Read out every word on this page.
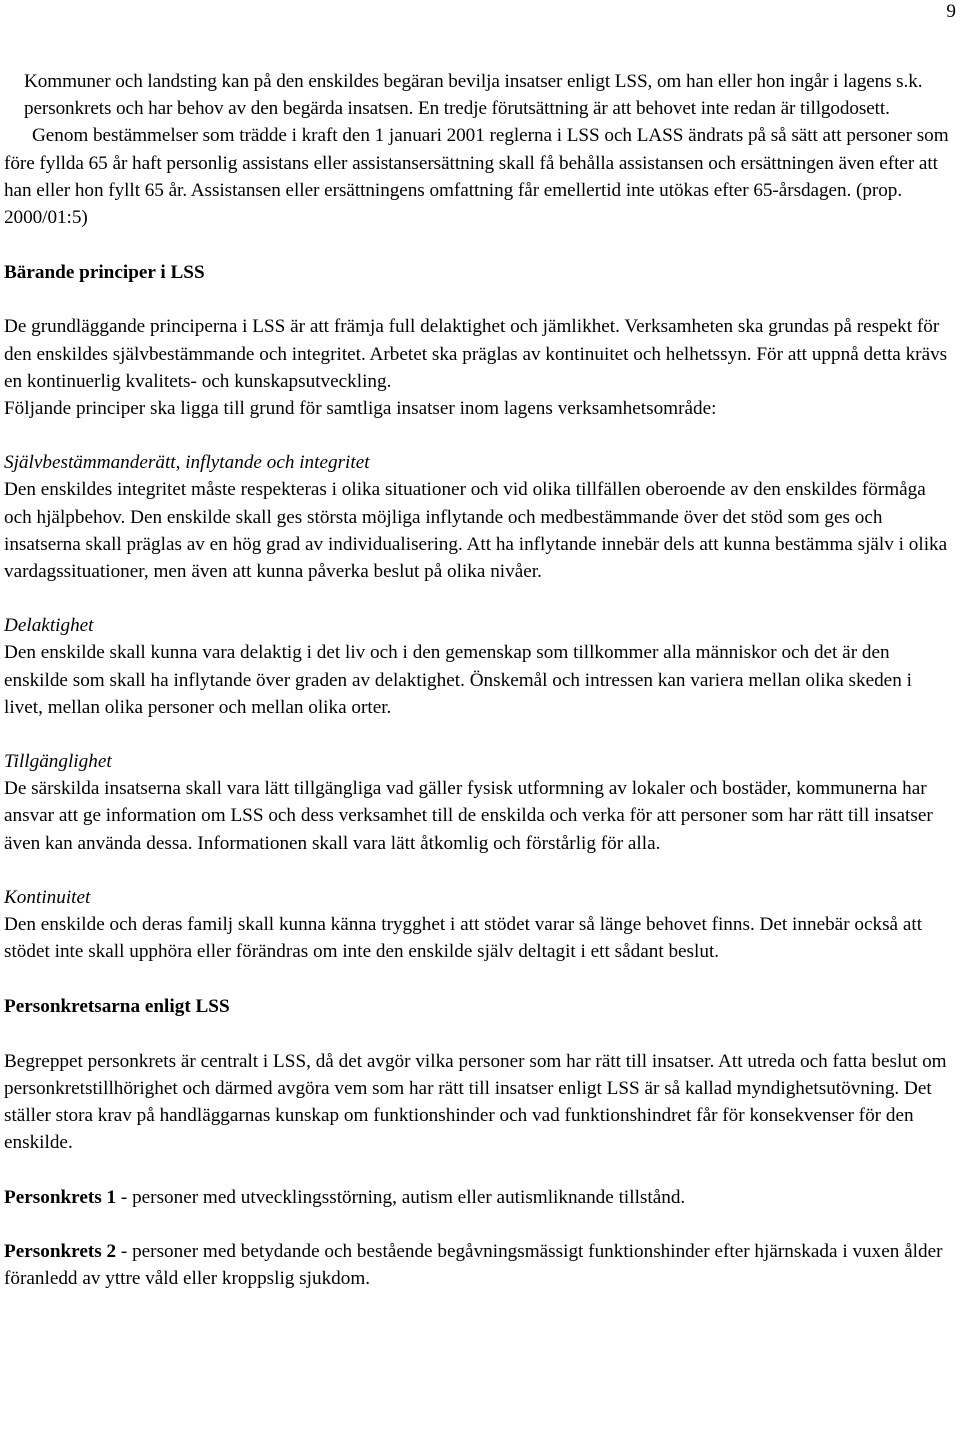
9

Kommuner och landsting kan på den enskildes begäran bevilja insatser enligt LSS, om han eller hon ingår i lagens s.k. personkrets och har behov av den begärda insatsen. En tredje förutsättning är att behovet inte redan är tillgodosett.

Genom bestämmelser som trädde i kraft den 1 januari 2001 reglerna i LSS och LASS ändrats på så sätt att personer som före fyllda 65 år haft personlig assistans eller assistansersättning skall få behålla assistansen och ersättningen även efter att han eller hon fyllt 65 år. Assistansen eller ersättningens omfattning får emellertid inte utökas efter 65-årsdagen. (prop. 2000/01:5)

Bärande principer i LSS

De grundläggande principerna i LSS är att främja full delaktighet och jämlikhet. Verksamheten ska grundas på respekt för den enskildes självbestämmande och integritet. Arbetet ska präglas av kontinuitet och helhetssyn. För att uppnå detta krävs en kontinuerlig kvalitets- och kunskapsutveckling.

Följande principer ska ligga till grund för samtliga insatser inom lagens verksamhetsområde:

Självbestämmanderätt, inflytande och integritet

Den enskildes integritet måste respekteras i olika situationer och vid olika tillfällen oberoende av den enskildes förmåga och hjälpbehov. Den enskilde skall ges största möjliga inflytande och medbestämmande över det stöd som ges och insatserna skall präglas av en hög grad av individualisering. Att ha inflytande innebär dels att kunna bestämma själv i olika vardagssituationer, men även att kunna påverka beslut på olika nivåer.

Delaktighet

Den enskilde skall kunna vara delaktig i det liv och i den gemenskap som tillkommer alla människor och det är den enskilde som skall ha inflytande över graden av delaktighet. Önskemål och intressen kan variera mellan olika skeden i livet, mellan olika personer och mellan olika orter.

Tillgänglighet

De särskilda insatserna skall vara lätt tillgängliga vad gäller fysisk utformning av lokaler och bostäder, kommunerna har ansvar att ge information om LSS och dess verksamhet till de enskilda och verka för att personer som har rätt till insatser även kan använda dessa. Informationen skall vara lätt åtkomlig och förstårlig för alla.

Kontinuitet

Den enskilde och deras familj skall kunna känna trygghet i att stödet varar så länge behovet finns. Det innebär också att stödet inte skall upphöra eller förändras om inte den enskilde själv deltagit i ett sådant beslut.

Personkretsarna enligt LSS

Begreppet personkrets är centralt i LSS, då det avgör vilka personer som har rätt till insatser. Att utreda och fatta beslut om personkretstillhörighet och därmed avgöra vem som har rätt till insatser enligt LSS är så kallad myndighetsutövning. Det ställer stora krav på handläggarnas kunskap om funktionshinder och vad funktionshindret får för konsekvenser för den enskilde.

Personkrets 1 - personer med utvecklingsstörning, autism eller autismliknande tillstånd.

Personkrets 2 - personer med betydande och bestående begåvningsmässigt funktionshinder efter hjärnskada i vuxen ålder föranledd av yttre våld eller kroppslig sjukdom.
